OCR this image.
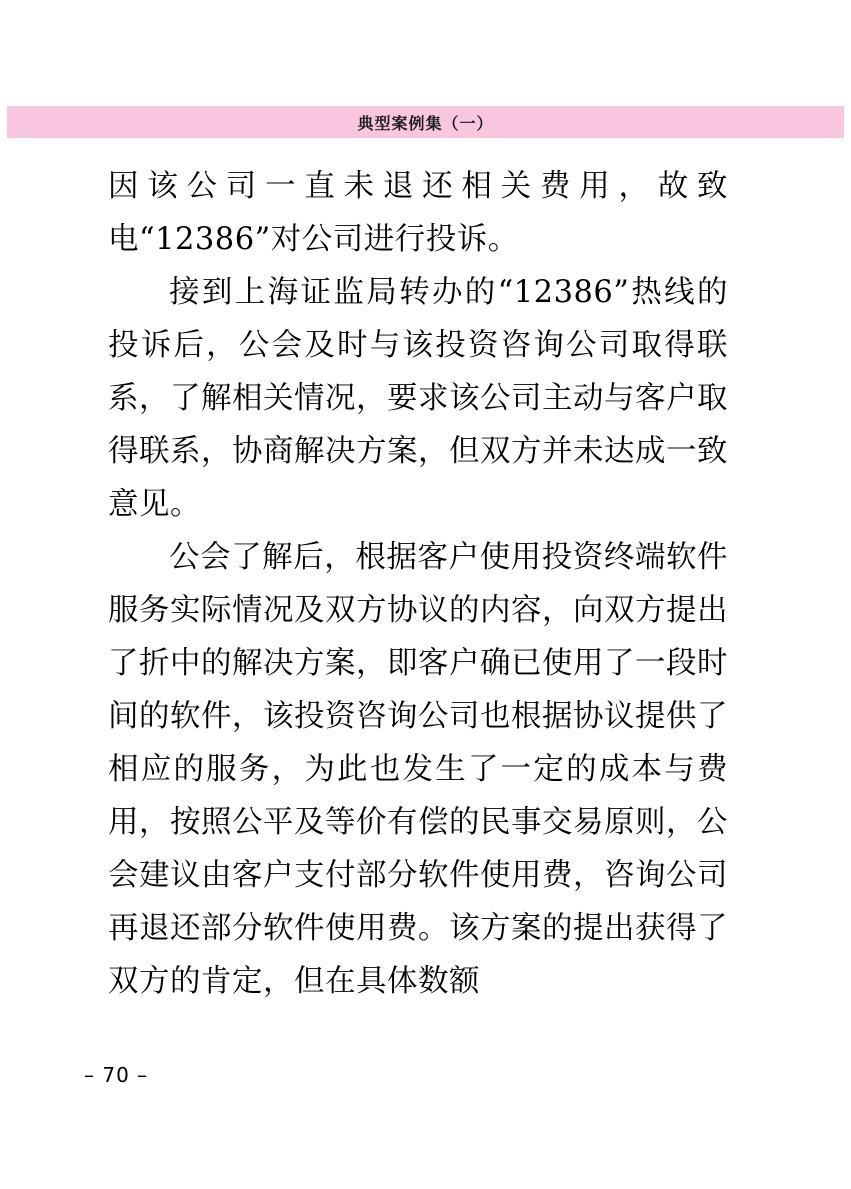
典型案例集（一）

因该公司一直未退还相关费用，故致电“12386”对公司进行投诉。

接到上海证监局转办的“12386”热线的投诉后，公会及时与该投资咨询公司取得联系，了解相关情况，要求该公司主动与客户取得联系，协商解决方案，但双方并未达成一致意见。

公会了解后，根据客户使用投资终端软件服务实际情况及双方协议的内容，向双方提出了折中的解决方案，即客户确已使用了一段时间的软件，该投资咨询公司也根据协议提供了相应的服务，为此也发生了一定的成本与费用，按照公平及等价有偿的民事交易原则，公会建议由客户支付部分软件使用费，咨询公司再退还部分软件使用费。该方案的提出获得了双方的肯定，但在具体数额

– 70 –
